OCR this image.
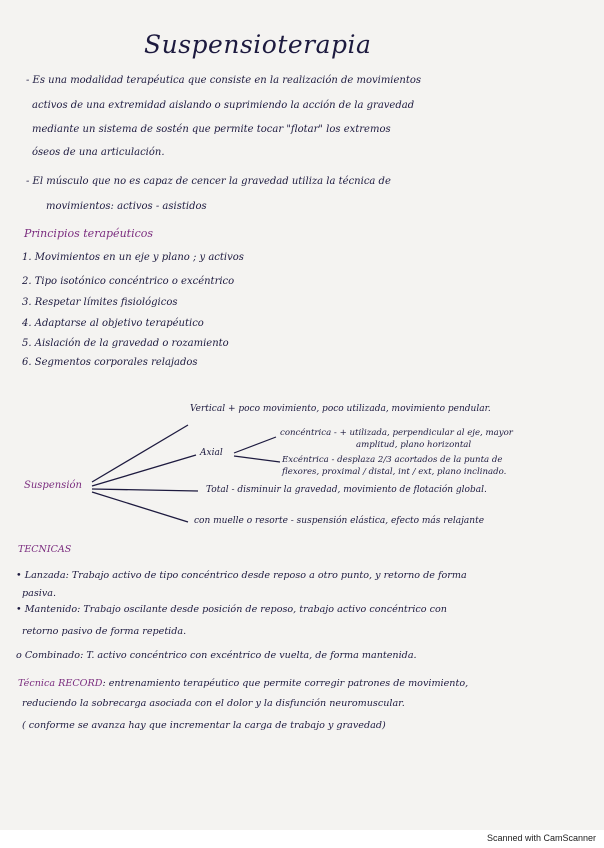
Suspensioterapia
- Es una modalidad terapéutica que consiste en la realización de movimientos
activos de una extremidad aislando o suprimiendo la acción de la gravedad
mediante un sistema de sostén que permite tocar "flotar" los extremos
óseos de una articulación.
- El músculo que no es capaz de cencer la gravedad utiliza la técnica de
movimientos: activos - asistidos
Principios terapéuticos
1. Movimientos en un eje y plano ; y activos
2. Tipo isotónico concéntrico o excéntrico
3. Respetar límites fisiológicos
4. Adaptarse al objetivo terapéutico
5. Aislación de la gravedad o rozamiento
6. Segmentos corporales relajados
Suspensión
Vertical + poco movimiento, poco utilizada, movimiento pendular.
Axial
concéntrica - + utilizada, perpendicular al eje, mayor
amplitud, plano horizontal
Excéntrica - desplaza 2/3 acortados de la punta de
flexores, proximal / distal, int / ext, plano inclinado.
Total - disminuir la gravedad, movimiento de flotación global.
con muelle o resorte - suspensión elástica, efecto más relajante
TECNICAS
• Lanzada: Trabajo activo de tipo concéntrico desde reposo a otro punto, y retorno de forma
pasiva.
• Mantenido: Trabajo oscilante desde posición de reposo, trabajo activo concéntrico con
retorno pasivo de forma repetida.
o Combinado: T. activo concéntrico con excéntrico de vuelta, de forma mantenida.
Técnica RECORD: entrenamiento terapéutico que permite corregir patrones de movimiento,
reduciendo la sobrecarga asociada con el dolor y la disfunción neuromuscular.
( conforme se avanza hay que incrementar la carga de trabajo y gravedad)
Scanned with CamScanner
